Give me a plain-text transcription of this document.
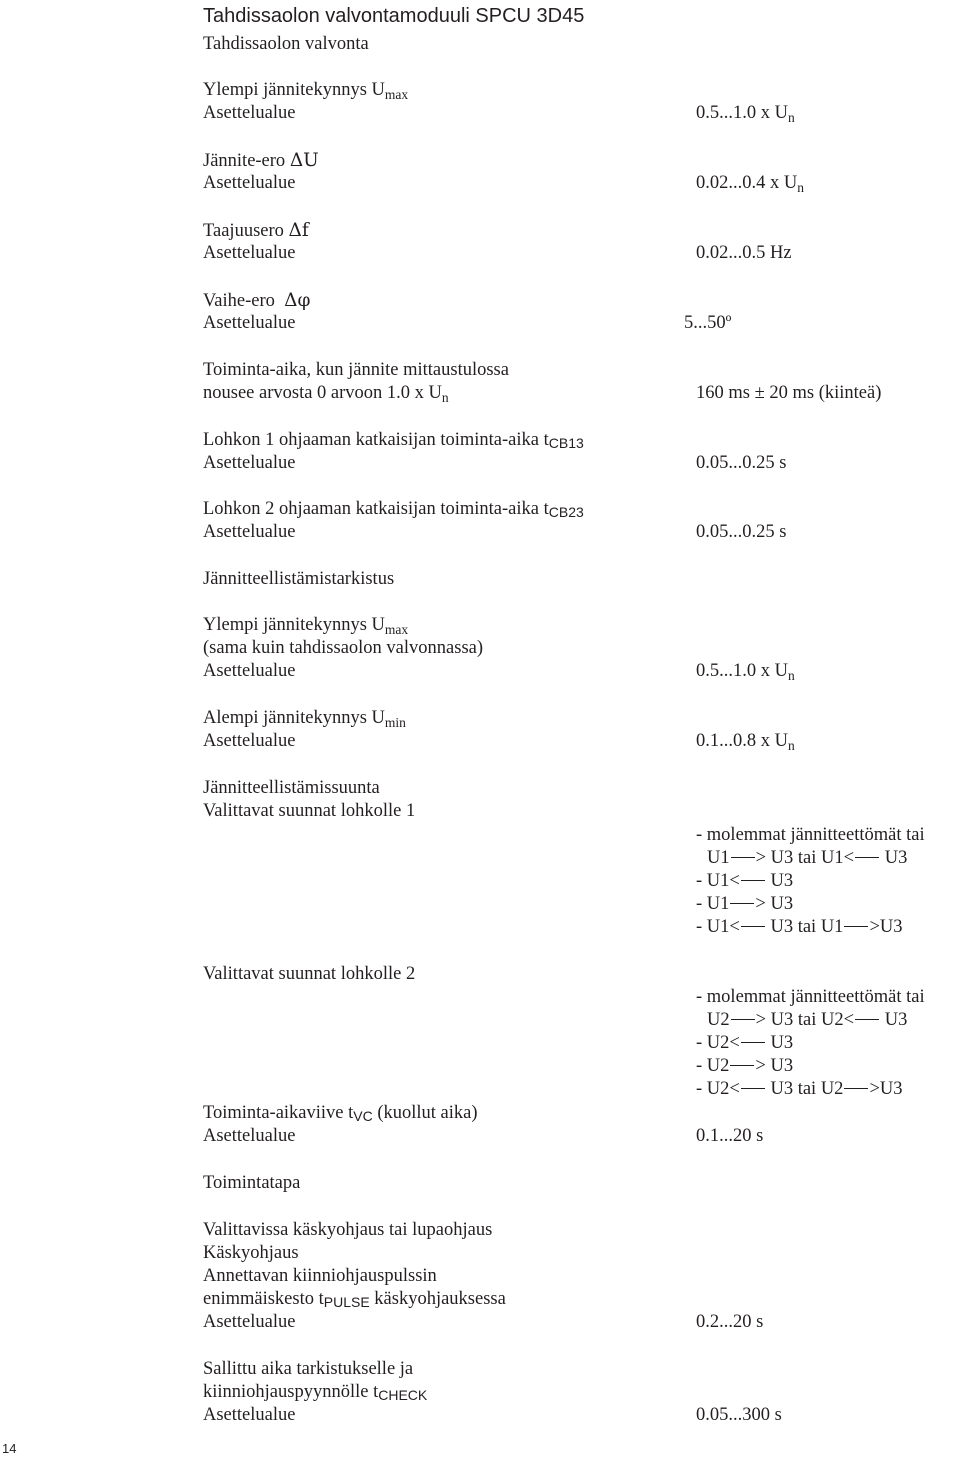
Tahdissaolon valvontamoduuli SPCU 3D45
Tahdissaolon valvonta
Ylempi jännitekynnys $U_{max}$
Asettelualue	0.5...1.0 x $U_n$
Jännite-ero ΔU
Asettelualue	0.02...0.4 x $U_n$
Taajuusero Δf
Asettelualue	0.02...0.5 Hz
Vaihe-ero  Δφ
Asettelualue	5...50º
Toiminta-aika, kun jännite mittaustulossa
nousee arvosta 0 arvoon 1.0 x $U_n$	160 ms ± 20 ms (kiinteä)
Lohkon 1 ohjaaman katkaisijan toiminta-aika tCB13
Asettelualue	0.05...0.25 s
Lohkon 2 ohjaaman katkaisijan toiminta-aika tCB23
Asettelualue	0.05...0.25 s
Jännitteellistämistarkistus
Ylempi jännitekynnys $U_{max}$
(sama kuin tahdissaolon valvonnassa)
Asettelualue	0.5...1.0 x $U_n$
Alempi jännitekynnys $U_{min}$
Asettelualue	0.1...0.8 x $U_n$
Jännitteellistämissuunta
Valittavat suunnat lohkolle 1
- molemmat jännitteettömät tai
U1 > U3 tai U1< U3
- U1< U3
- U1 > U3
- U1< U3 tai U1 >U3
Valittavat suunnat lohkolle 2
- molemmat jännitteettömät tai
U2 > U3 tai U2< U3
- U2< U3
- U2 > U3
- U2< U3 tai U2 >U3
Toiminta-aikaviive tVC (kuollut aika)
Asettelualue	0.1...20 s
Toimintatapa
Valittavissa käskyohjaus tai lupaohjaus
Käskyohjaus
Annettavan kiinniohjauspulssin
enimmäiskesto tPULSE käskyohjauksessa
Asettelualue	0.2...20 s
Sallittu aika tarkistukselle ja
kiinniohjauspyynnölle tCHECK
Asettelualue	0.05...300 s
14
